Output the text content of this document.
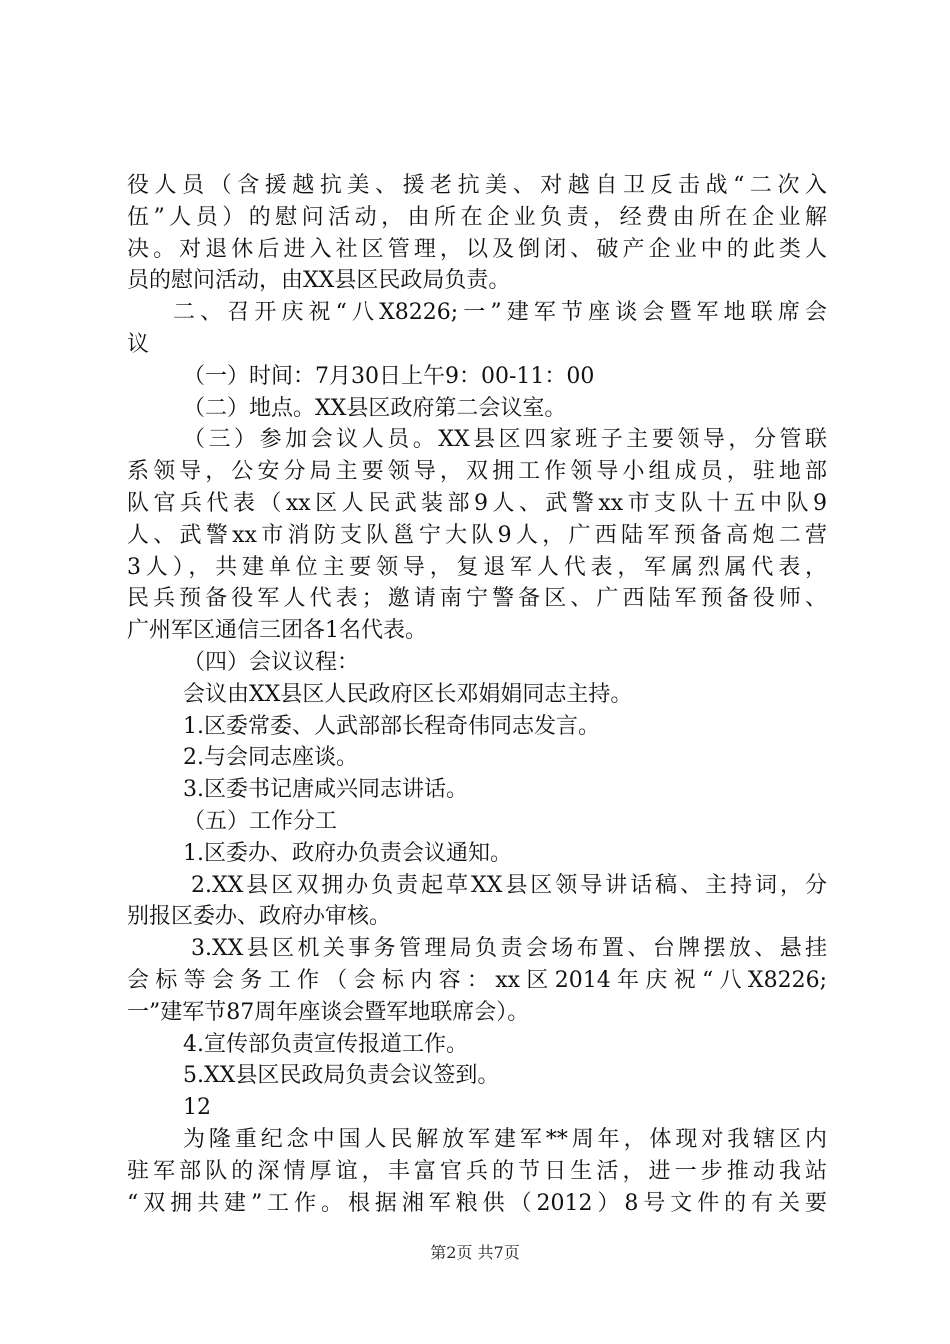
役人员（含援越抗美、援老抗美、对越自卫反击战“二次入
伍”人员）的慰问活动，由所在企业负责，经费由所在企业解
决。对退休后进入社区管理，以及倒闭、破产企业中的此类人
员的慰问活动，由XX县区民政局负责。
二、召开庆祝“八X8226;一”建军节座谈会暨军地联席会
议
（一）时间：7月30日上午9：00-11：00
（二）地点。XX县区政府第二会议室。
（三）参加会议人员。XX县区四家班子主要领导，分管联
系领导，公安分局主要领导，双拥工作领导小组成员，驻地部
队官兵代表（xx区人民武装部9人、武警xx市支队十五中队9
人、武警xx市消防支队邕宁大队9人，广西陆军预备高炮二营
3人），共建单位主要领导，复退军人代表，军属烈属代表，
民兵预备役军人代表；邀请南宁警备区、广西陆军预备役师、
广州军区通信三团各1名代表。
（四）会议议程：
会议由XX县区人民政府区长邓娟娟同志主持。
1.区委常委、人武部部长程奇伟同志发言。
2.与会同志座谈。
3.区委书记唐咸兴同志讲话。
（五）工作分工
1.区委办、政府办负责会议通知。
2.XX县区双拥办负责起草XX县区领导讲话稿、主持词，分
别报区委办、政府办审核。
3.XX县区机关事务管理局负责会场布置、台牌摆放、悬挂
会标等会务工作（会标内容：xx区2014年庆祝“八X8226;
一”建军节87周年座谈会暨军地联席会）。
4.宣传部负责宣传报道工作。
5.XX县区民政局负责会议签到。
12
为隆重纪念中国人民解放军建军**周年，体现对我辖区内
驻军部队的深情厚谊，丰富官兵的节日生活，进一步推动我站
“双拥共建”工作。根据湘军粮供（2012）8号文件的有关要
第2页 共7页
